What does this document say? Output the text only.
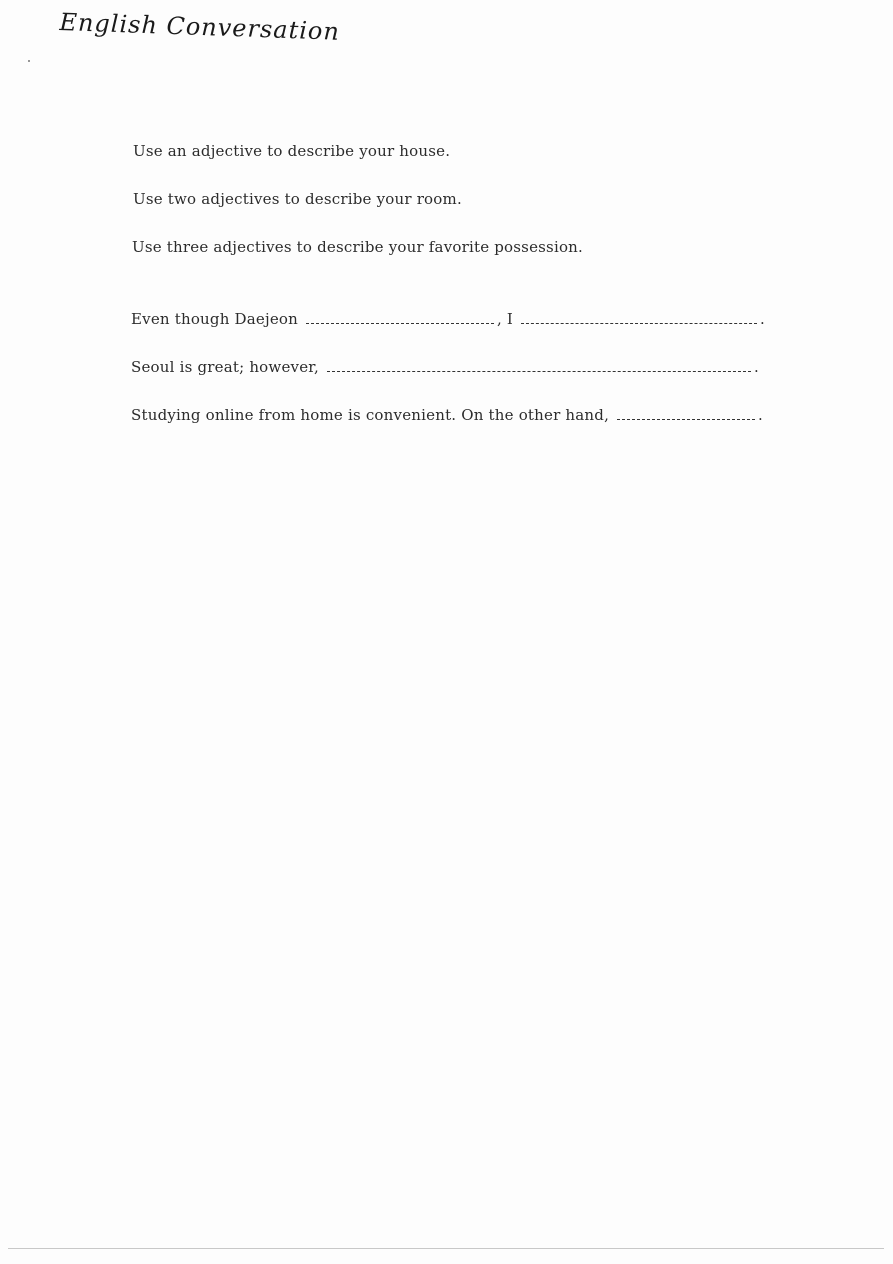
English Conversation
Use an adjective to describe your house.
Use two adjectives to describe your room.
Use three adjectives to describe your favorite possession.
Even though Daejeon	, I	.
Seoul is great; however,	.
Studying online from home is convenient. On the other hand,	.
